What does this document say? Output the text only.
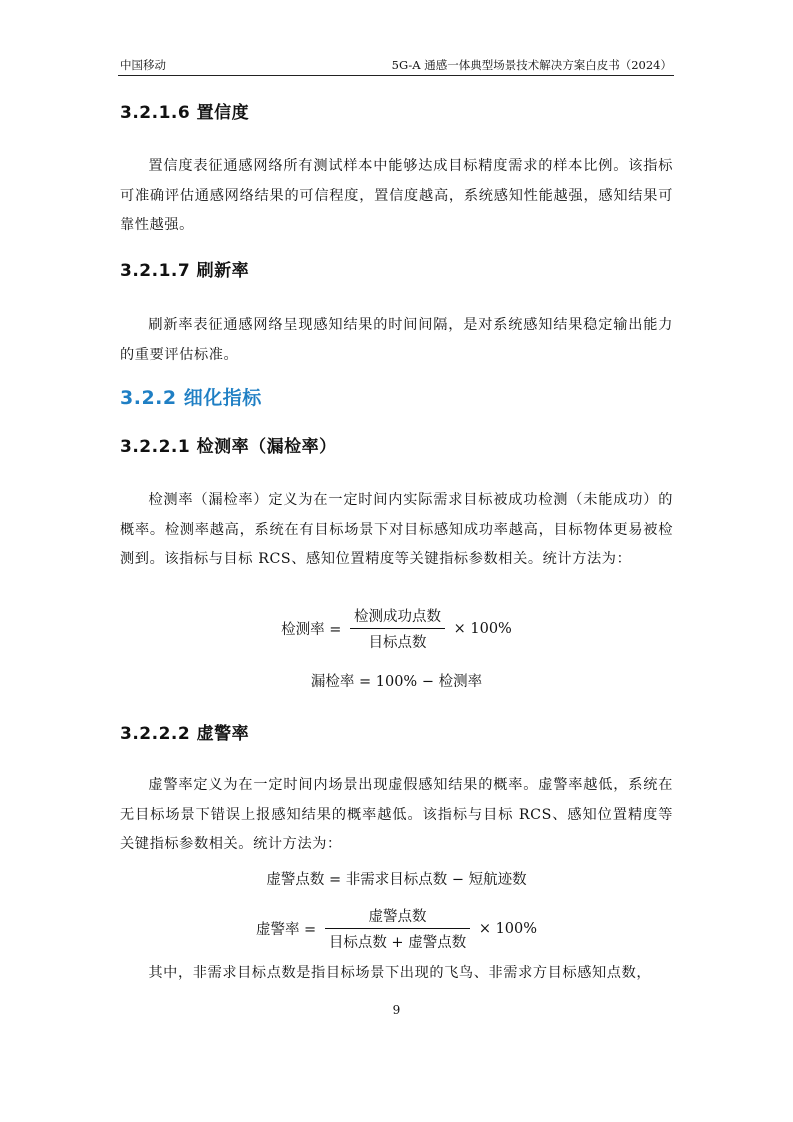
中国移动	5G-A 通感一体典型场景技术解决方案白皮书（2024）
3.2.1.6 置信度

置信度表征通感网络所有测试样本中能够达成目标精度需求的样本比例。该指标可准确评估通感网络结果的可信程度，置信度越高，系统感知性能越强，感知结果可靠性越强。

3.2.1.7 刷新率

刷新率表征通感网络呈现感知结果的时间间隔，是对系统感知结果稳定输出能力的重要评估标准。

3.2.2 细化指标
3.2.2.1 检测率（漏检率）

检测率（漏检率）定义为在一定时间内实际需求目标被成功检测（未能成功）的概率。检测率越高，系统在有目标场景下对目标感知成功率越高，目标物体更易被检测到。该指标与目标 RCS、感知位置精度等关键指标参数相关。统计方法为：

检测率 = $\frac{\text{检测成功点数}}{\text{目标点数}} \times 100\%$
漏检率 = 100% − 检测率
3.2.2.2 虚警率

虚警率定义为在一定时间内场景出现虚假感知结果的概率。虚警率越低，系统在无目标场景下错误上报感知结果的概率越低。该指标与目标 RCS、感知位置精度等关键指标参数相关。统计方法为：

虚警点数 = 非需求目标点数 − 短航迹数
虚警率 = $\frac{\text{虚警点数}}{\text{目标点数 + 虚警点数}} \times 100\%$

其中，非需求目标点数是指目标场景下出现的飞鸟、非需求方目标感知点数，

9
